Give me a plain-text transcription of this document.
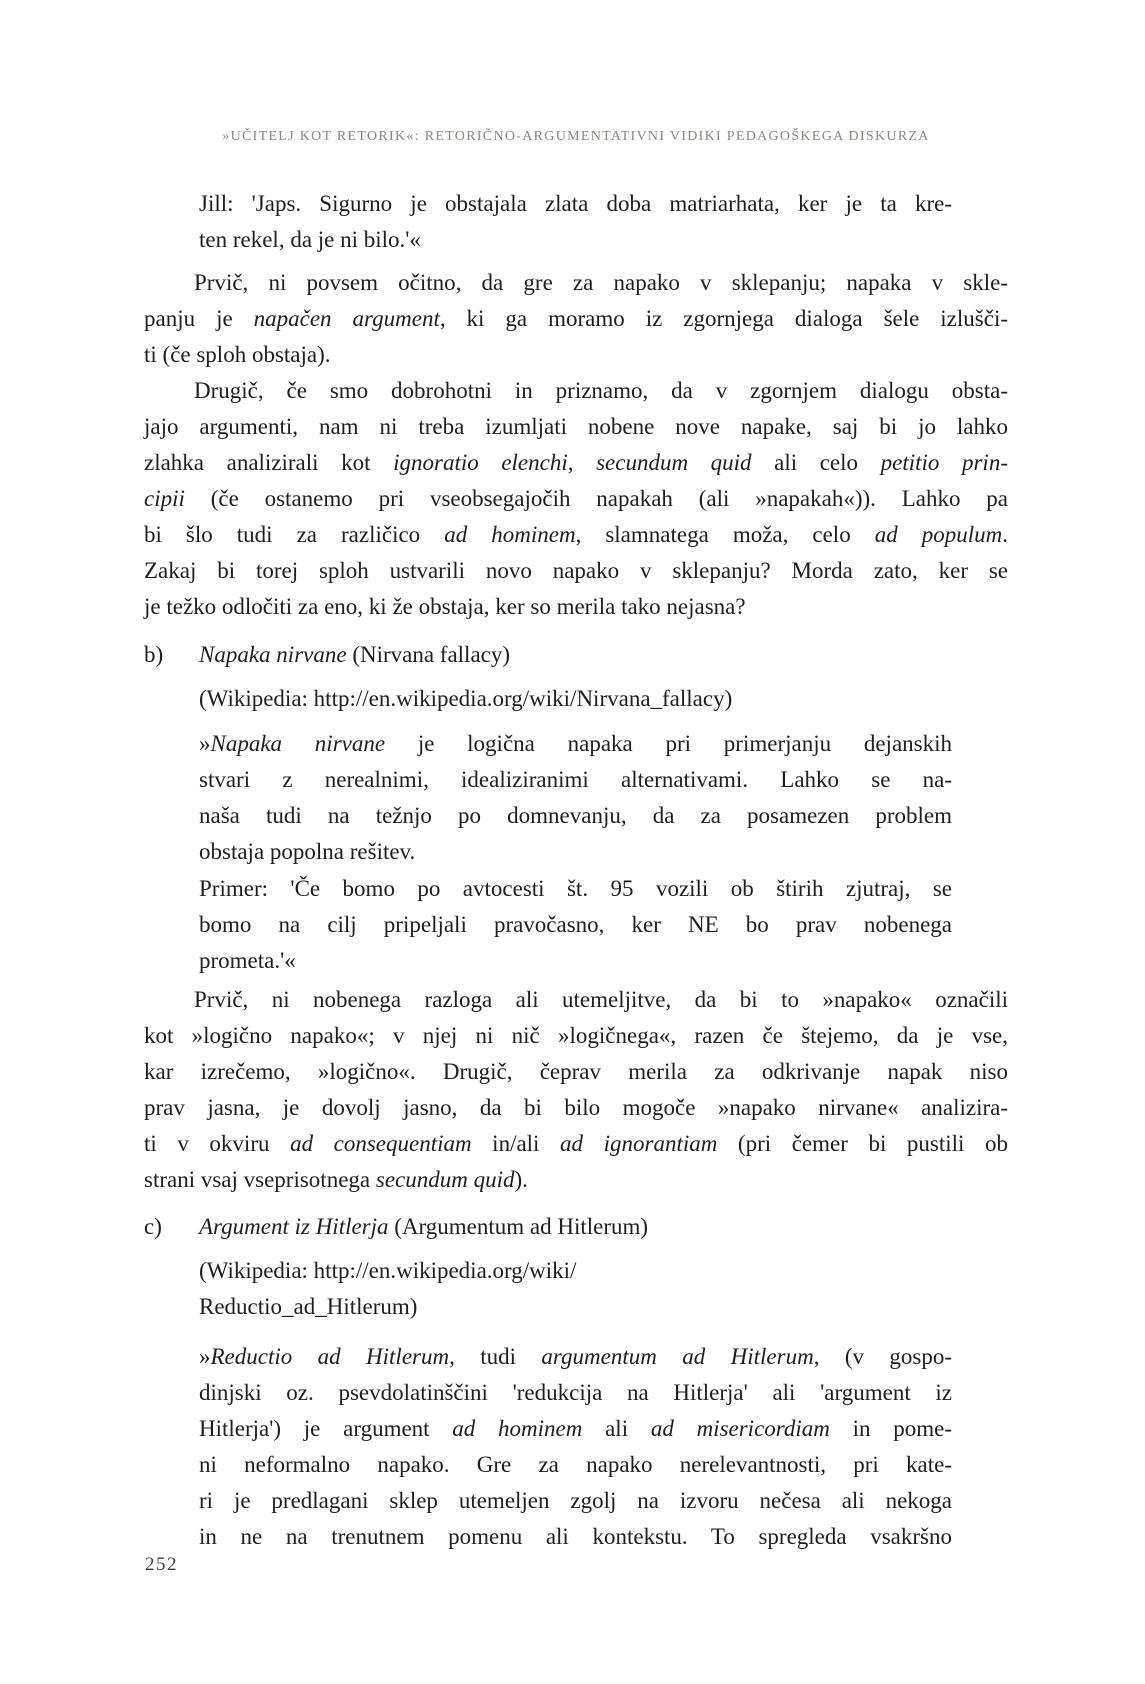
»UČITELJ KOT RETORIK«: RETORIČNO-ARGUMENTATIVNI VIDIKI PEDAGOŠKEGA DISKURZA
Jill: 'Japs. Sigurno je obstajala zlata doba matriarhata, ker je ta kre-
ten rekel, da je ni bilo.'«
Prvič, ni povsem očitno, da gre za napako v sklepanju; napaka v skle-
panju je napačen argument, ki ga moramo iz zgornjega dialoga šele izlušči-
ti (če sploh obstaja).
Drugič, če smo dobrohotni in priznamo, da v zgornjem dialogu obsta-
jajo argumenti, nam ni treba izumljati nobene nove napake, saj bi jo lahko
zlahka analizirali kot ignoratio elenchi, secundum quid ali celo petitio prin-
cipii (če ostanemo pri vseobsegajočih napakah (ali »napakah«)). Lahko pa
bi šlo tudi za različico ad hominem, slamnatega moža, celo ad populum.
Zakaj bi torej sploh ustvarili novo napako v sklepanju? Morda zato, ker se
je težko odločiti za eno, ki že obstaja, ker so merila tako nejasna?
b)	Napaka nirvane (Nirvana fallacy)
(Wikipedia: http://en.wikipedia.org/wiki/Nirvana_fallacy)
»Napaka nirvane je logična napaka pri primerjanju dejanskih
stvari z nerealnimi, idealiziranimi alternativami. Lahko se na-
naša tudi na težnjo po domnevanju, da za posamezen problem
obstaja popolna rešitev.
Primer: 'Če bomo po avtocesti št. 95 vozili ob štirih zjutraj, se
bomo na cilj pripeljali pravočasno, ker NE bo prav nobenega
prometa.'«
Prvič, ni nobenega razloga ali utemeljitve, da bi to »napako« označili
kot »logično napako«; v njej ni nič »logičnega«, razen če štejemo, da je vse,
kar izrečemo, »logično«. Drugič, čeprav merila za odkrivanje napak niso
prav jasna, je dovolj jasno, da bi bilo mogoče »napako nirvane« analizira-
ti v okviru ad consequentiam in/ali ad ignorantiam (pri čemer bi pustili ob
strani vsaj vseprisotnega secundum quid).
c)	Argument iz Hitlerja (Argumentum ad Hitlerum)
(Wikipedia: http://en.wikipedia.org/wiki/
Reductio_ad_Hitlerum)
»Reductio ad Hitlerum, tudi argumentum ad Hitlerum, (v gospo-
dinjski oz. psevdolatinščini 'redukcija na Hitlerja' ali 'argument iz
Hitlerja') je argument ad hominem ali ad misericordiam in pome-
ni neformalno napako. Gre za napako nerelevantnosti, pri kate-
ri je predlagani sklep utemeljen zgolj na izvoru nečesa ali nekoga
in ne na trenutnem pomenu ali kontekstu. To spregleda vsakršno
252
